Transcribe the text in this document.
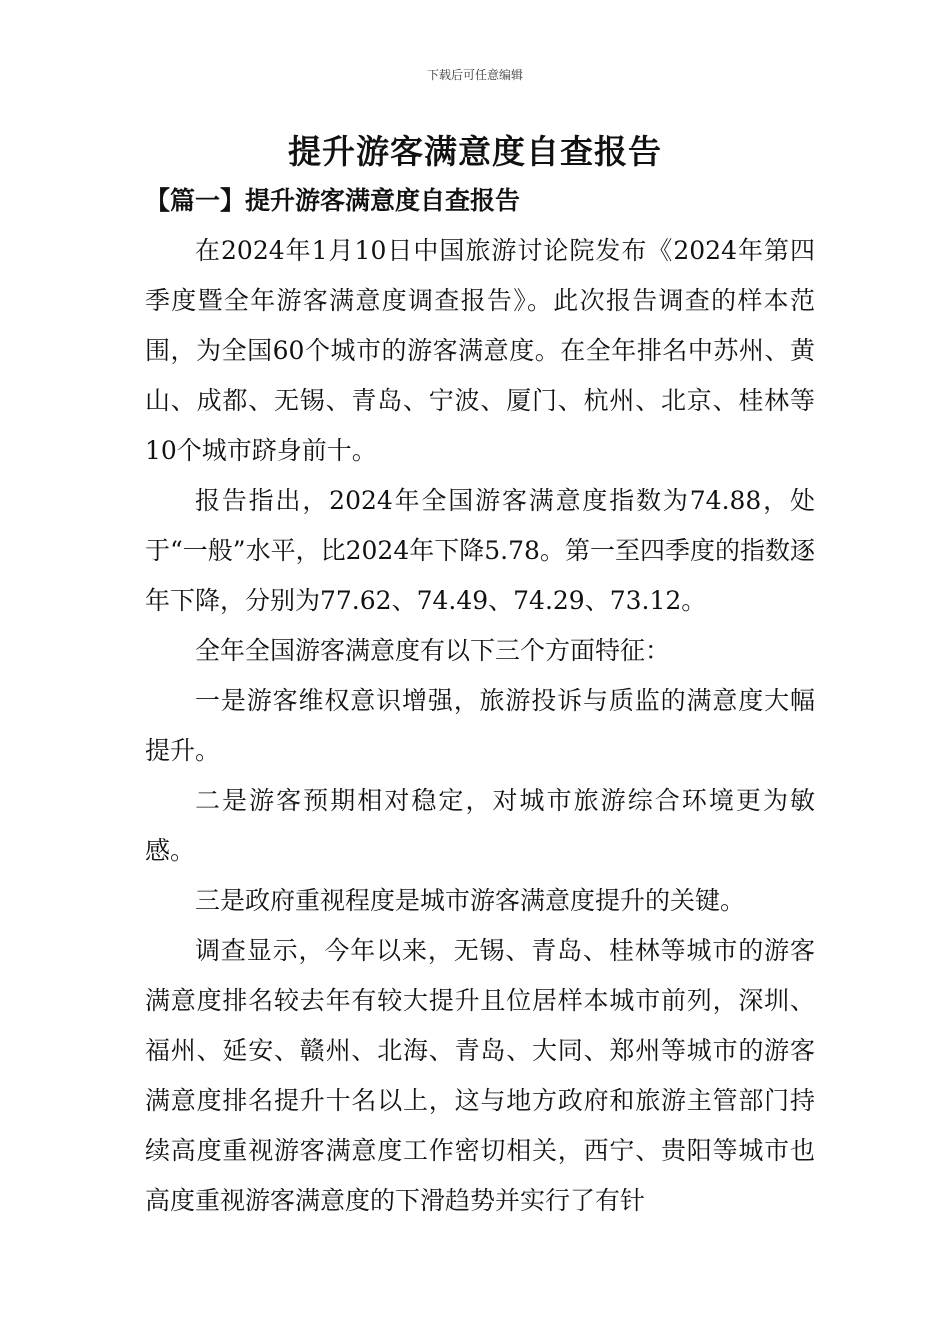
下载后可任意编辑
提升游客满意度自查报告
【篇一】提升游客满意度自查报告

在2024年1月10日中国旅游讨论院发布《2024年第四季度暨全年游客满意度调查报告》。此次报告调查的样本范围，为全国60个城市的游客满意度。在全年排名中苏州、黄山、成都、无锡、青岛、宁波、厦门、杭州、北京、桂林等10个城市跻身前十。

报告指出，2024年全国游客满意度指数为74.88，处于“一般”水平，比2024年下降5.78。第一至四季度的指数逐年下降，分别为77.62、74.49、74.29、73.12。

全年全国游客满意度有以下三个方面特征：

一是游客维权意识增强，旅游投诉与质监的满意度大幅提升。

二是游客预期相对稳定，对城市旅游综合环境更为敏感。

三是政府重视程度是城市游客满意度提升的关键。

调查显示，今年以来，无锡、青岛、桂林等城市的游客满意度排名较去年有较大提升且位居样本城市前列，深圳、福州、延安、赣州、北海、青岛、大同、郑州等城市的游客满意度排名提升十名以上，这与地方政府和旅游主管部门持续高度重视游客满意度工作密切相关，西宁、贵阳等城市也高度重视游客满意度的下滑趋势并实行了有针
